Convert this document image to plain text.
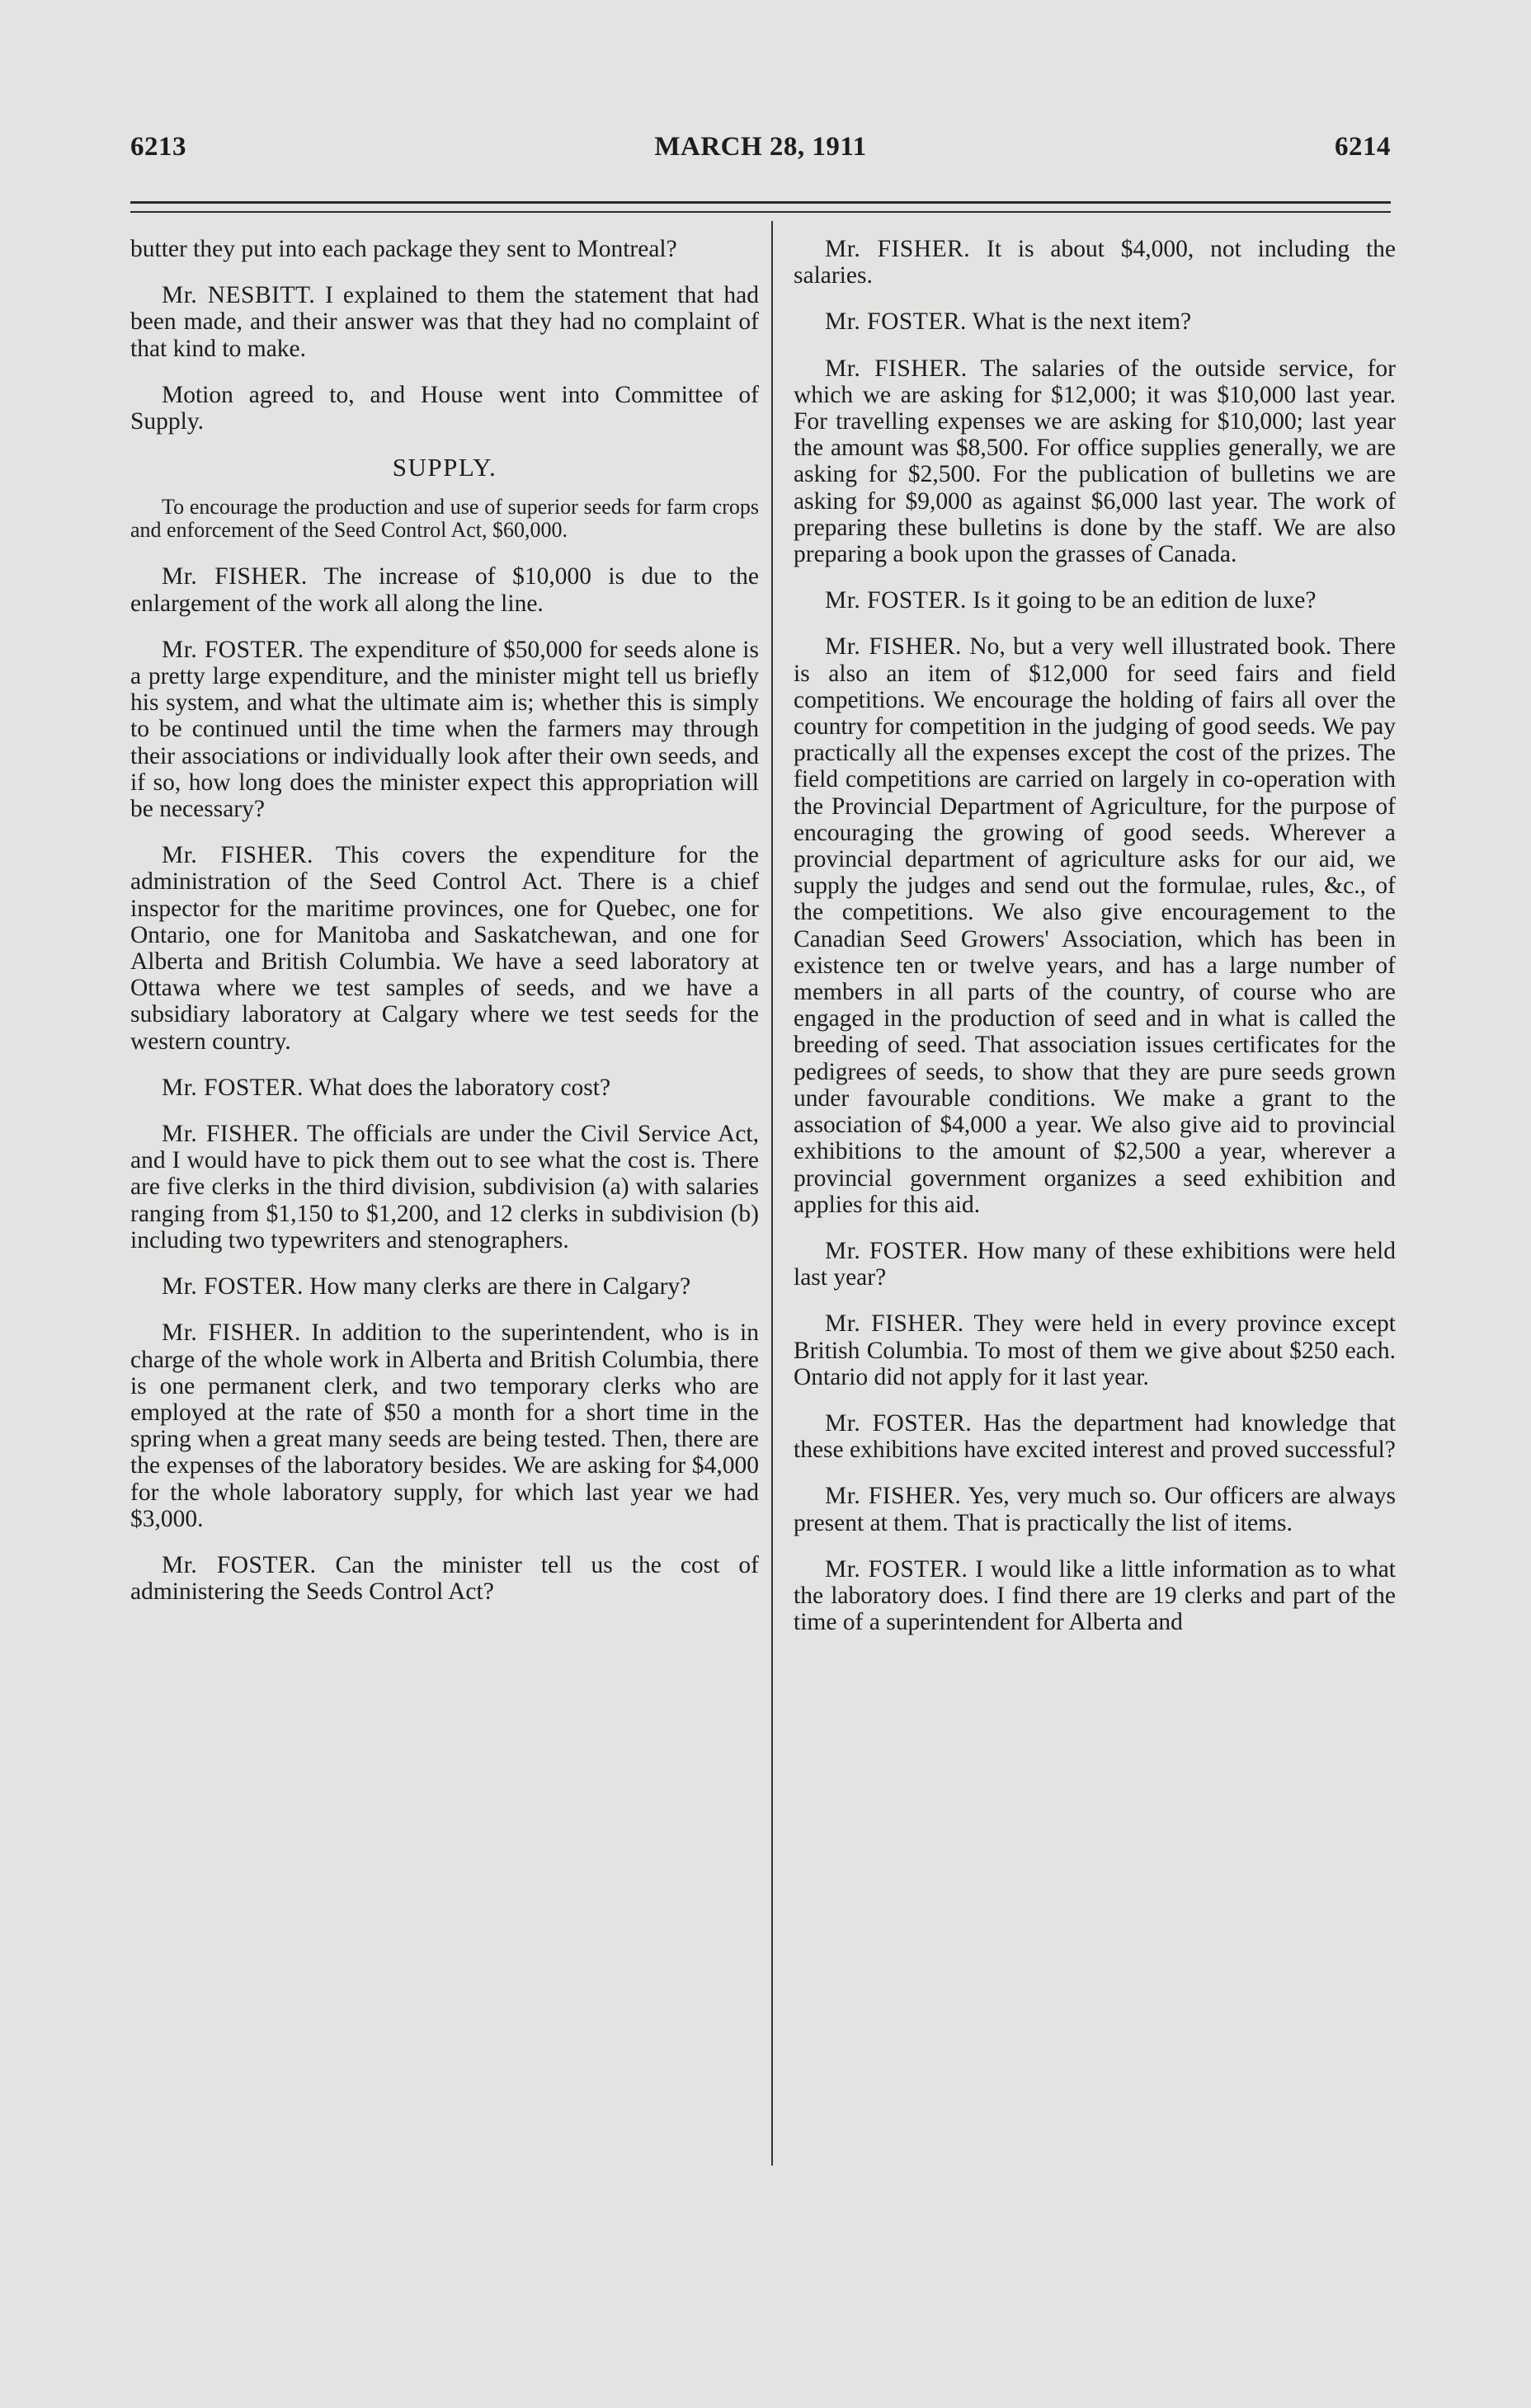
6213	MARCH 28, 1911	6214

butter they put into each package they sent to Montreal?

Mr. NESBITT. I explained to them the statement that had been made, and their answer was that they had no complaint of that kind to make.

Motion agreed to, and House went into Committee of Supply.

SUPPLY.

To encourage the production and use of superior seeds for farm crops and enforcement of the Seed Control Act, $60,000.

Mr. FISHER. The increase of $10,000 is due to the enlargement of the work all along the line.

Mr. FOSTER. The expenditure of $50,000 for seeds alone is a pretty large expenditure, and the minister might tell us briefly his system, and what the ultimate aim is; whether this is simply to be continued until the time when the farmers may through their associations or individually look after their own seeds, and if so, how long does the minister expect this appropriation will be necessary?

Mr. FISHER. This covers the expenditure for the administration of the Seed Control Act. There is a chief inspector for the maritime provinces, one for Quebec, one for Ontario, one for Manitoba and Saskatchewan, and one for Alberta and British Columbia. We have a seed laboratory at Ottawa where we test samples of seeds, and we have a subsidiary laboratory at Calgary where we test seeds for the western country.

Mr. FOSTER. What does the laboratory cost?

Mr. FISHER. The officials are under the Civil Service Act, and I would have to pick them out to see what the cost is. There are five clerks in the third division, subdivision (a) with salaries ranging from $1,150 to $1,200, and 12 clerks in subdivision (b) including two typewriters and stenographers.

Mr. FOSTER. How many clerks are there in Calgary?

Mr. FISHER. In addition to the superintendent, who is in charge of the whole work in Alberta and British Columbia, there is one permanent clerk, and two temporary clerks who are employed at the rate of $50 a month for a short time in the spring when a great many seeds are being tested. Then, there are the expenses of the laboratory besides. We are asking for $4,000 for the whole laboratory supply, for which last year we had $3,000.

Mr. FOSTER. Can the minister tell us the cost of administering the Seeds Control Act?

Mr. FISHER. It is about $4,000, not including the salaries.

Mr. FOSTER. What is the next item?

Mr. FISHER. The salaries of the outside service, for which we are asking for $12,000; it was $10,000 last year. For travelling expenses we are asking for $10,000; last year the amount was $8,500. For office supplies generally, we are asking for $2,500. For the publication of bulletins we are asking for $9,000 as against $6,000 last year. The work of preparing these bulletins is done by the staff. We are also preparing a book upon the grasses of Canada.

Mr. FOSTER. Is it going to be an edition de luxe?

Mr. FISHER. No, but a very well illustrated book. There is also an item of $12,000 for seed fairs and field competitions. We encourage the holding of fairs all over the country for competition in the judging of good seeds. We pay practically all the expenses except the cost of the prizes. The field competitions are carried on largely in co-operation with the Provincial Department of Agriculture, for the purpose of encouraging the growing of good seeds. Wherever a provincial department of agriculture asks for our aid, we supply the judges and send out the formulae, rules, &c., of the competitions. We also give encouragement to the Canadian Seed Growers' Association, which has been in existence ten or twelve years, and has a large number of members in all parts of the country, of course who are engaged in the production of seed and in what is called the breeding of seed. That association issues certificates for the pedigrees of seeds, to show that they are pure seeds grown under favourable conditions. We make a grant to the association of $4,000 a year. We also give aid to provincial exhibitions to the amount of $2,500 a year, wherever a provincial government organizes a seed exhibition and applies for this aid.

Mr. FOSTER. How many of these exhibitions were held last year?

Mr. FISHER. They were held in every province except British Columbia. To most of them we give about $250 each. Ontario did not apply for it last year.

Mr. FOSTER. Has the department had knowledge that these exhibitions have excited interest and proved successful?

Mr. FISHER. Yes, very much so. Our officers are always present at them. That is practically the list of items.

Mr. FOSTER. I would like a little information as to what the laboratory does. I find there are 19 clerks and part of the time of a superintendent for Alberta and
